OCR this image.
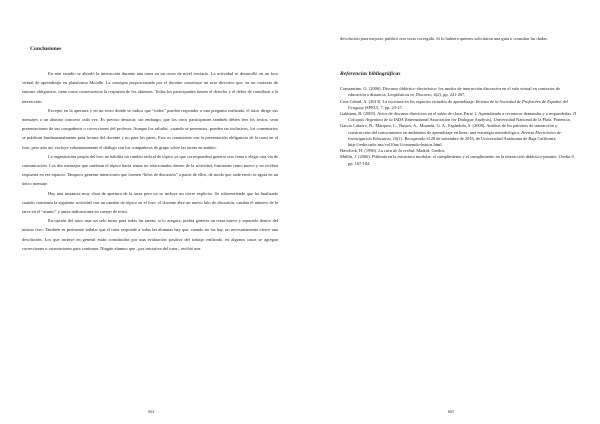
Conclusiones

En este estudio se abordó la interacción durante una tarea en un curso de nivel terciario. La actividad se desarrolló en un foro virtual de aprendizaje en plataforma Moodle. La consigna proporcionada por el docente constituye un acto directivo que, en un contexto de entorno obligatorio, tiene como consecuencia la respuesta de los alumnos. Todos los participantes tienen el derecho y el deber de contribuir a la interacción.

Excepto en la apertura y en un texto donde se indica que “todos” pueden responder a una pregunta realizada, el tutor dirige sus mensajes a un alumno concreto cada vez. Es preciso destacar, sin embargo, que los otros participantes también deben leer los textos, sean presentaciones de sus compañeros o correcciones del profesor. Aunque los saludos –cuando se presentan– pueden ser inclusivos, los comentarios se publican fundamentalmente para lectura del docente y no para los pares. Esto es consistente con la presentación obligatoria de la tarea en el foro, pero aún así, excluye voluntariamente el diálogo con los compañeros de grupo sobre las tareas en ambito.

La organización propia del foro no habilita un cambio radical de tópico ya que corresponderá generar otro tema o elegir otra vía de comunicación. Los dos mensajes que cambian el tópico hacia temas no relacionados dentro de la actividad, funcionan como nuevo y no reciben respuesta en ese espacio. Tampoco generan intenciones que formen “hilos de discusión” a partir de ellos, de modo que cada envío se agota en un único mensaje.

Hay una instancia muy clara de apertura de la tarea pero no se incluye un cierre explícito. Se sobreentiende que ha finalizado cuando comienza la siguiente actividad con un cambio de tópico en el foro: el docente abre un nuevo hilo de discusión, cambia el número de la tarea en el “asunto” y anota indicaciones en cuerpo de texto.

En opción del tutor usar un solo turno para todas las tareas; si lo asegura, podría generar un tema nuevo y separarlo dentro del mismo foro. También es pertinente señalar que el tutor responde a todas las alumnas hay que, cuando no las hay, no necesariamente ofrece una devolución. Los que incluye en general están constituidas por una evaluación positiva del trabajo realizado, en algunos casos se agregan correcciones u orientaciones para continuar. Ningún alumno que –por iniciativa del tutor– recibió una

664

devolución para mejorar, publicó otro texto corregido. Si lo hubiera quienes solicitaron una guía o consultar las dudas.

Referencias bibliográficas

Constantino, G. (2006). Discurso didáctico electrónico: los modos de interacción discursiva en el aula virtual en contextos de educación a distancia. Lingüísticas en Discurso, 6(2), pp. 241-267.

Cruz Cabral, A. (2013). La escritura en los espacios virtuales de aprendizaje. Revista de la Sociedad de Profesores de Español del Uruguay (SPEU), 7, pp. 23-27.

Gabbiani, B. (2005). Actos de discurso directivos en el salón de clase. Parte 1: Aprendiendo a reconocer demandas y a responderlas. II Coloquio Argentino de la IADA (International Association for Dialogue Analysis), Universidad Nacional de la Plata. Ponencia.

García Cabrero, B., Márquez, L., Bustos, A., Miranda, G. A., Espíndola, S. (2008). Análisis de los patrones de interacción y construcción del conocimiento en ambientes de aprendizaje en línea: una estrategia metodológica. Revista Electrónica de Investigación Educativa, 10(1). Recuperado el 28 de setiembre de 2016, de Universidad Autónoma de Baja California: http://redie.uabc.mx/vol10no1/contenido-bustos.html.

Havelock, H. (1996). La cara de la verbal. Madrid, Gredos.

Mullin, J. (2006). Piñfonía en la estructura modular: el cumplimiento y el cumplimiento en la interacción didáctico-pasante. Oralia 9, pp. 167-184.

665
